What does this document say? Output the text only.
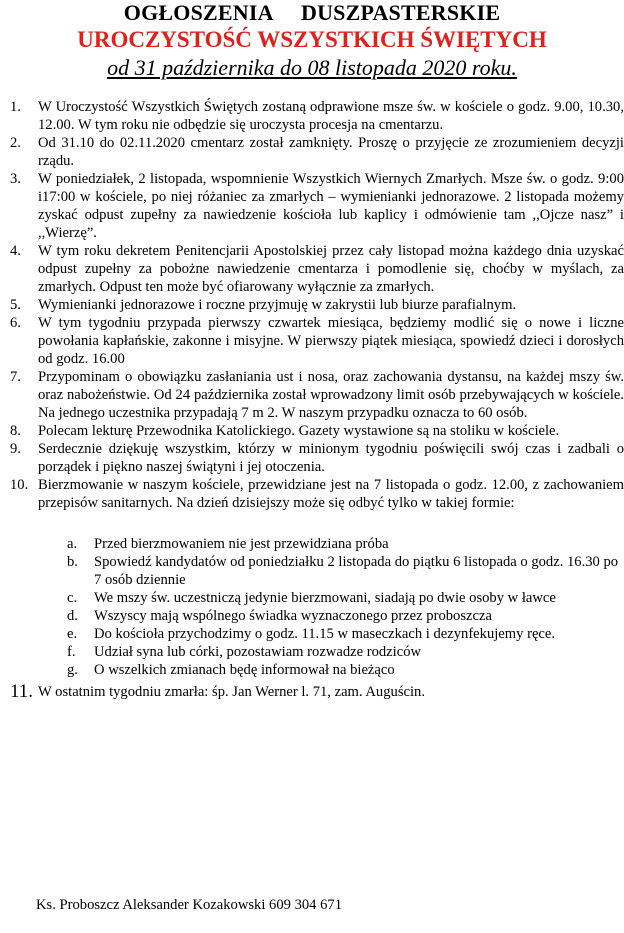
OGŁOSZENIA     DUSZPASTERSKIE
UROCZYSTOŚĆ WSZYSTKICH ŚWIĘTYCH
od 31 października do 08 listopada 2020 roku.
1. W Uroczystość Wszystkich Świętych zostaną odprawione msze św. w kościele o godz. 9.00, 10.30, 12.00. W tym roku nie odbędzie się uroczysta procesja na cmentarzu.
2. Od 31.10 do 02.11.2020 cmentarz został zamknięty. Proszę o przyjęcie ze zrozumieniem decyzji rządu.
3. W poniedziałek, 2 listopada, wspomnienie Wszystkich Wiernych Zmarłych. Msze św. o godz. 9:00 i17:00 w kościele, po niej różaniec za zmarłych – wymienianki jednorazowe. 2 listopada możemy zyskać odpust zupełny za nawiedzenie kościoła lub kaplicy i odmówienie tam ,,Ojcze nasz” i ,,Wierzę”.
4. W tym roku dekretem Penitencjarii Apostolskiej przez cały listopad można każdego dnia uzyskać odpust zupełny za pobożne nawiedzenie cmentarza i pomodlenie się, choćby w myślach, za zmarłych. Odpust ten może być ofiarowany wyłącznie za zmarłych.
5. Wymienianki jednorazowe i roczne przyjmuję w zakrystii lub biurze parafialnym.
6. W tym tygodniu przypada pierwszy czwartek miesiąca, będziemy modlić się o nowe i liczne powołania kapłańskie, zakonne i misyjne. W pierwszy piątek miesiąca, spowiedź dzieci i dorosłych od godz. 16.00
7. Przypominam o obowiązku zasłaniania ust i nosa, oraz zachowania dystansu, na każdej mszy św. oraz nabożeństwie. Od 24 października został wprowadzony limit osób przebywających w kościele. Na jednego uczestnika przypadają 7 m 2. W naszym przypadku oznacza to 60 osób.
8. Polecam lekturę Przewodnika Katolickiego. Gazety wystawione są na stoliku w kościele.
9. Serdecznie dziękuję wszystkim, którzy w minionym tygodniu poświęcili swój czas i zadbali o porządek i piękno naszej świątyni i jej otoczenia.
10. Bierzmowanie w naszym kościele, przewidziane jest na 7 listopada o godz. 12.00, z zachowaniem przepisów sanitarnych. Na dzień dzisiejszy może się odbyć tylko w takiej formie:
a. Przed bierzmowaniem nie jest przewidziana próba
b. Spowiedź kandydatów od poniedziałku 2 listopada do piątku 6 listopada o godz. 16.30 po 7 osób dziennie
c. We mszy św. uczestniczą jedynie bierzmowani, siadają po dwie osoby w ławce
d. Wszyscy mają wspólnego świadka wyznaczonego przez proboszcza
e. Do kościoła przychodzimy o godz. 11.15 w maseczkach i dezynfekujemy ręce.
f. Udział syna lub córki, pozostawiam rozwadze rodziców
g. O wszelkich zmianach będę informował na bieżąco
11. W ostatnim tygodniu zmarła: śp. Jan Werner l. 71, zam. Auguścin.
Ks. Proboszcz Aleksander Kozakowski 609 304 671
